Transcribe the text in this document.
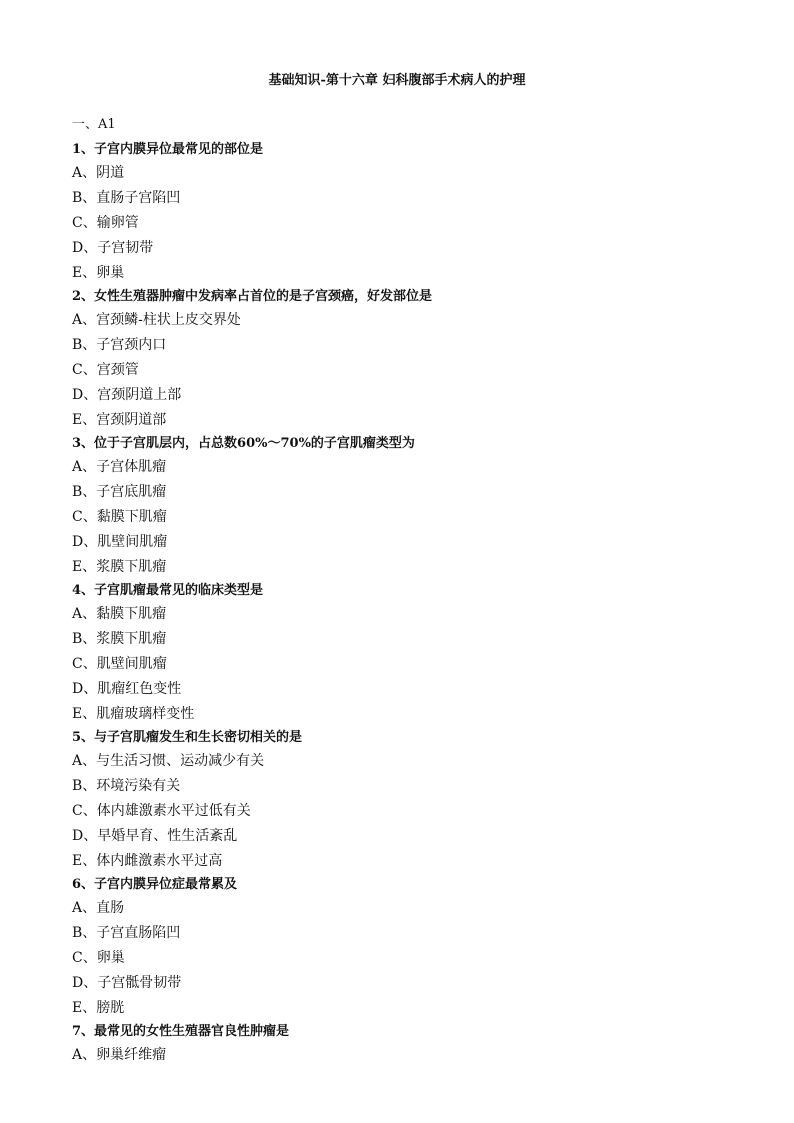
基础知识-第十六章 妇科腹部手术病人的护理
一、A1
1、子宫内膜异位最常见的部位是
A、阴道
B、直肠子宫陷凹
C、输卵管
D、子宫韧带
E、卵巢
2、女性生殖器肿瘤中发病率占首位的是子宫颈癌，好发部位是
A、宫颈鳞-柱状上皮交界处
B、子宫颈内口
C、宫颈管
D、宫颈阴道上部
E、宫颈阴道部
3、位于子宫肌层内，占总数60%～70%的子宫肌瘤类型为
A、子宫体肌瘤
B、子宫底肌瘤
C、黏膜下肌瘤
D、肌壁间肌瘤
E、浆膜下肌瘤
4、子宫肌瘤最常见的临床类型是
A、黏膜下肌瘤
B、浆膜下肌瘤
C、肌壁间肌瘤
D、肌瘤红色变性
E、肌瘤玻璃样变性
5、与子宫肌瘤发生和生长密切相关的是
A、与生活习惯、运动减少有关
B、环境污染有关
C、体内雄激素水平过低有关
D、早婚早育、性生活紊乱
E、体内雌激素水平过高
6、子宫内膜异位症最常累及
A、直肠
B、子宫直肠陷凹
C、卵巢
D、子宫骶骨韧带
E、膀胱
7、最常见的女性生殖器官良性肿瘤是
A、卵巢纤维瘤
